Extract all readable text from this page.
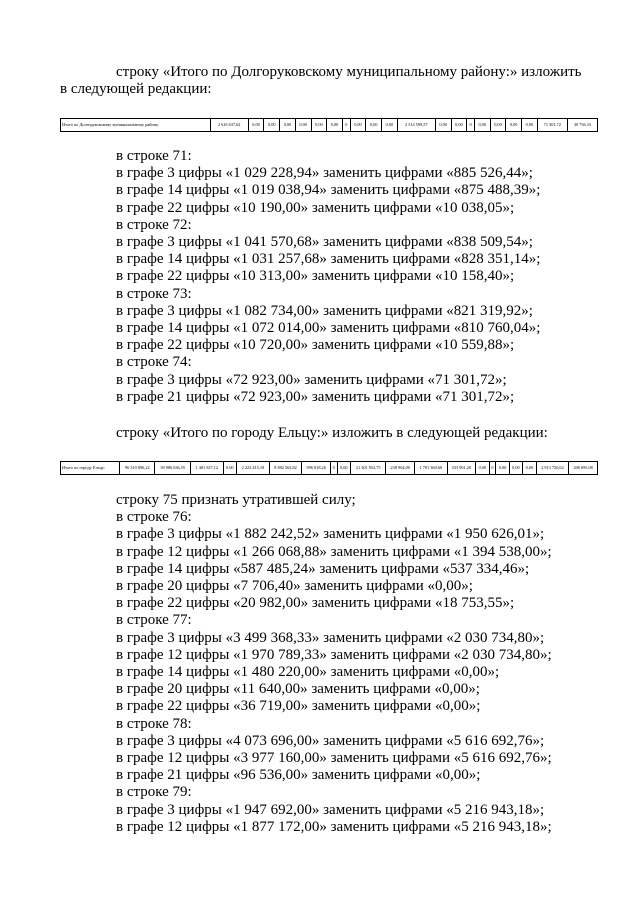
строку «Итого по Долгоруковскому муниципальному району:» изложить
в следующей редакции:
Итого по Долгоруковскому муниципальному району:	2 616 637,62	0,00	0,00	0,00	0,00	0,00	0,00	0	0,00	0,00	0,00	2 514 599,57	0,00	0,00	0	0,00	0,00	0,00	0,00	71 301,72	30 756,33
в строке 71:
в графе 3 цифры «1 029 228,94» заменить цифрами «885 526,44»;
в графе 14 цифры «1 019 038,94» заменить цифрами «875 488,39»;
в графе 22 цифры «10 190,00» заменить цифрами «10 038,05»;
в строке 72:
в графе 3 цифры «1 041 570,68» заменить цифрами «838 509,54»;
в графе 14 цифры «1 031 257,68» заменить цифрами «828 351,14»;
в графе 22 цифры «10 313,00» заменить цифрами «10 158,40»;
в строке 73:
в графе 3 цифры «1 082 734,00» заменить цифрами «821 319,92»;
в графе 14 цифры «1 072 014,00» заменить цифрами «810 760,04»;
в графе 22 цифры «10 720,00» заменить цифрами «10 559,88»;
в строке 74:
в графе 3 цифры «72 923,00» заменить цифрами «71 301,72»;
в графе 21 цифры «72 923,00» заменить цифрами «71 301,72»;
строку «Итого по городу Ельцу:» изложить в следующей редакции:
Итого по городу Ельцу:	96 310 896,22	39 986 636,55	1 401 927,12	0,00	2 223 415,18	8 882 563,82	996 818,26	0	0,00	21 201 952,75	238 964,00	1 701 360,68	533 901,20	0,00	0	0,00	0,00	0,00	2 913 720,62	206 695,08
строку 75 признать утратившей силу;
в строке 76:
в графе 3 цифры «1 882 242,52» заменить цифрами «1 950 626,01»;
в графе 12 цифры «1 266 068,88» заменить цифрами «1 394 538,00»;
в графе 14 цифры «587 485,24» заменить цифрами «537 334,46»;
в графе 20 цифры «7 706,40» заменить цифрами «0,00»;
в графе 22 цифры «20 982,00» заменить цифрами «18 753,55»;
в строке 77:
в графе 3 цифры «3 499 368,33» заменить цифрами «2 030 734,80»;
в графе 12 цифры «1 970 789,33» заменить цифрами «2 030 734,80»;
в графе 14 цифры «1 480 220,00» заменить цифрами «0,00»;
в графе 20 цифры «11 640,00» заменить цифрами «0,00»;
в графе 22 цифры «36 719,00» заменить цифрами «0,00»;
в строке 78:
в графе 3 цифры «4 073 696,00» заменить цифрами «5 616 692,76»;
в графе 12 цифры «3 977 160,00» заменить цифрами «5 616 692,76»;
в графе 21 цифры «96 536,00» заменить цифрами «0,00»;
в строке 79:
в графе 3 цифры «1 947 692,00» заменить цифрами «5 216 943,18»;
в графе 12 цифры «1 877 172,00» заменить цифрами «5 216 943,18»;
